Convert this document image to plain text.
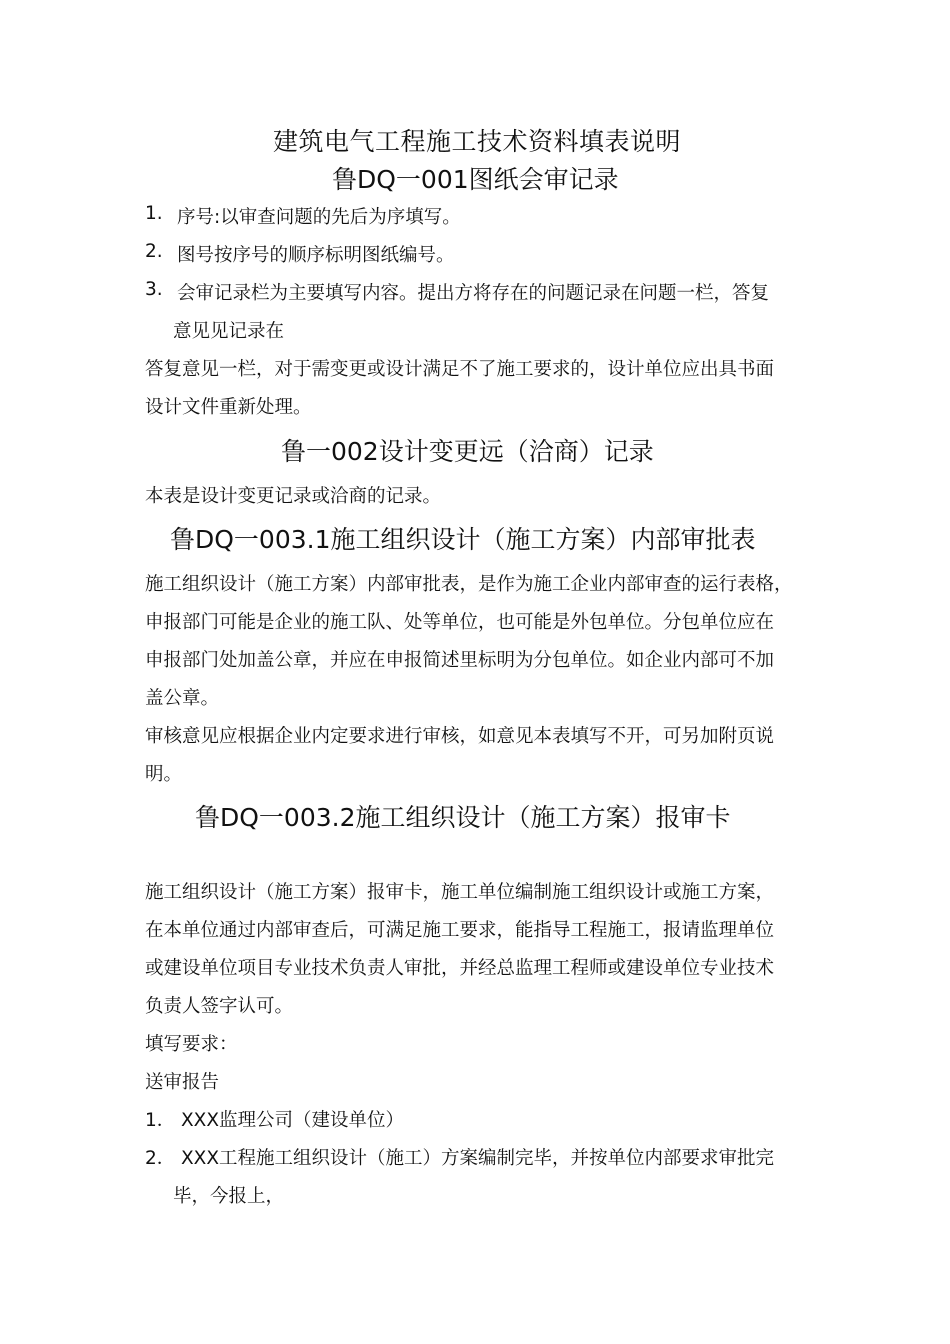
建筑电气工程施工技术资料填表说明
鲁DQ一001图纸会审记录
1. 序号:以审查问题的先后为序填写。
2. 图号按序号的顺序标明图纸编号。
3. 会审记录栏为主要填写内容。提出方将存在的问题记录在问题一栏，答复
意见见记录在
答复意见一栏，对于需变更或设计满足不了施工要求的，设计单位应出具书面
设计文件重新处理。
鲁一002设计变更远（洽商）记录
本表是设计变更记录或洽商的记录。
鲁DQ一003.1施工组织设计（施工方案）内部审批表
施工组织设计（施工方案）内部审批表，是作为施工企业内部审查的运行表格，
申报部门可能是企业的施工队、处等单位，也可能是外包单位。分包单位应在
申报部门处加盖公章，并应在申报简述里标明为分包单位。如企业内部可不加
盖公章。
审核意见应根据企业内定要求进行审核，如意见本表填写不开，可另加附页说
明。
鲁DQ一003.2施工组织设计（施工方案）报审卡
施工组织设计（施工方案）报审卡，施工单位编制施工组织设计或施工方案，
在本单位通过内部审查后，可满足施工要求，能指导工程施工，报请监理单位
或建设单位项目专业技术负责人审批，并经总监理工程师或建设单位专业技术
负责人签字认可。
填写要求：
送审报告
1． XXX监理公司（建设单位）
2． XXX工程施工组织设计（施工）方案编制完毕，并按单位内部要求审批完
毕，今报上，
